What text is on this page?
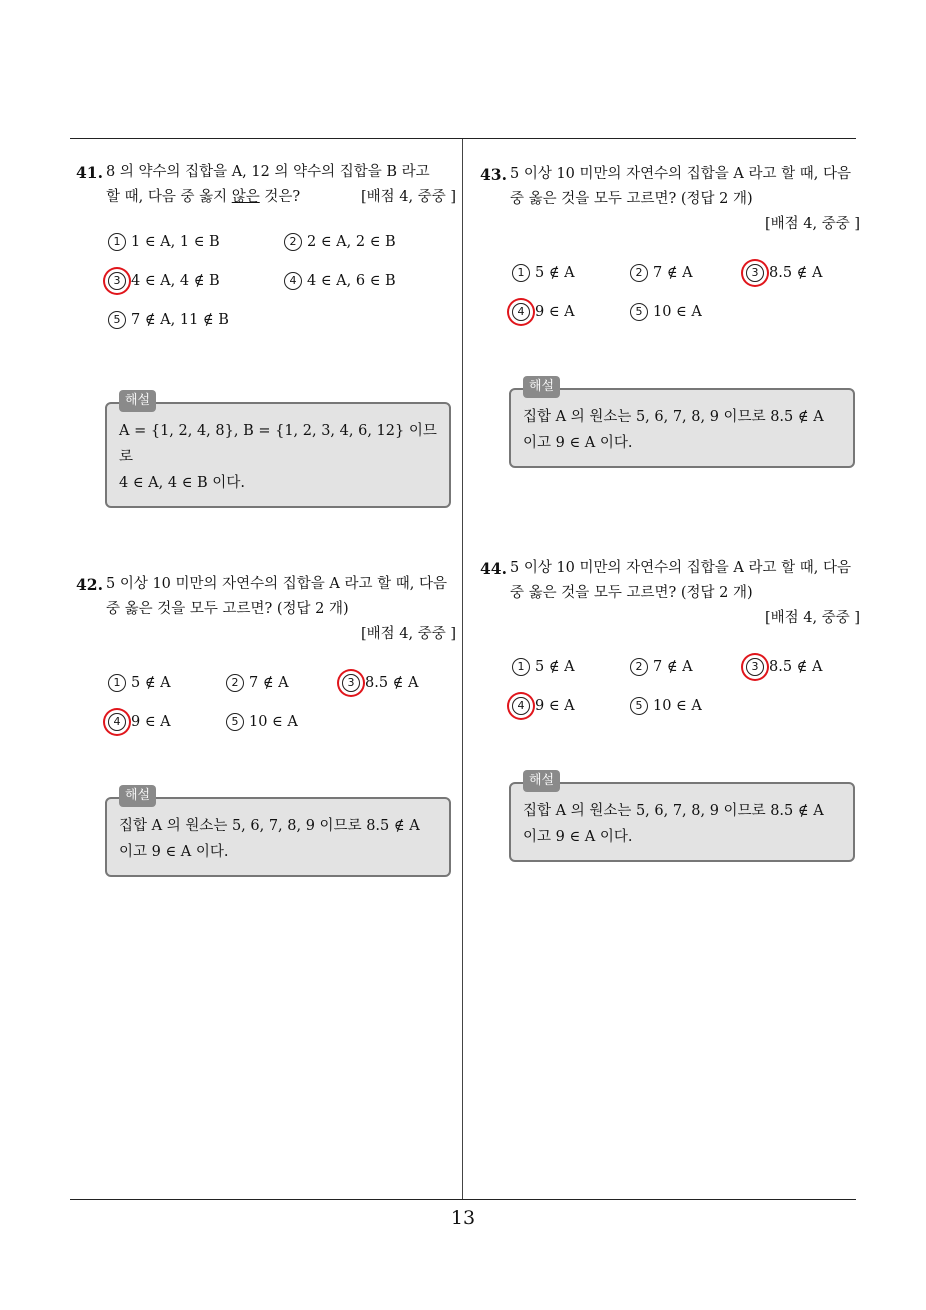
41. 8 의 약수의 집합을 A, 12 의 약수의 집합을 B 라고
할 때, 다음 중 옳지 않은 것은?	[배점 4, 중중 ]
1 1 ∈ A, 1 ∈ B	2 2 ∈ A, 2 ∈ B
3 4 ∈ A, 4 ∉ B	4 4 ∈ A, 6 ∈ B
5 7 ∉ A, 11 ∉ B
해설
A = {1, 2, 4, 8}, B = {1, 2, 3, 4, 6, 12} 이므로
4 ∈ A, 4 ∈ B 이다.
42. 5 이상 10 미만의 자연수의 집합을 A 라고 할 때, 다음
중 옳은 것을 모두 고르면? (정답 2 개)
[배점 4, 중중 ]
1 5 ∉ A	2 7 ∉ A	3 8.5 ∉ A
4 9 ∈ A	5 10 ∈ A
해설
집합 A 의 원소는 5, 6, 7, 8, 9 이므로 8.5 ∉ A
이고 9 ∈ A 이다.
43. 5 이상 10 미만의 자연수의 집합을 A 라고 할 때, 다음
중 옳은 것을 모두 고르면? (정답 2 개)
[배점 4, 중중 ]
1 5 ∉ A	2 7 ∉ A	3 8.5 ∉ A
4 9 ∈ A	5 10 ∈ A
해설
집합 A 의 원소는 5, 6, 7, 8, 9 이므로 8.5 ∉ A
이고 9 ∈ A 이다.
44. 5 이상 10 미만의 자연수의 집합을 A 라고 할 때, 다음
중 옳은 것을 모두 고르면? (정답 2 개)
[배점 4, 중중 ]
1 5 ∉ A	2 7 ∉ A	3 8.5 ∉ A
4 9 ∈ A	5 10 ∈ A
해설
집합 A 의 원소는 5, 6, 7, 8, 9 이므로 8.5 ∉ A
이고 9 ∈ A 이다.
13
